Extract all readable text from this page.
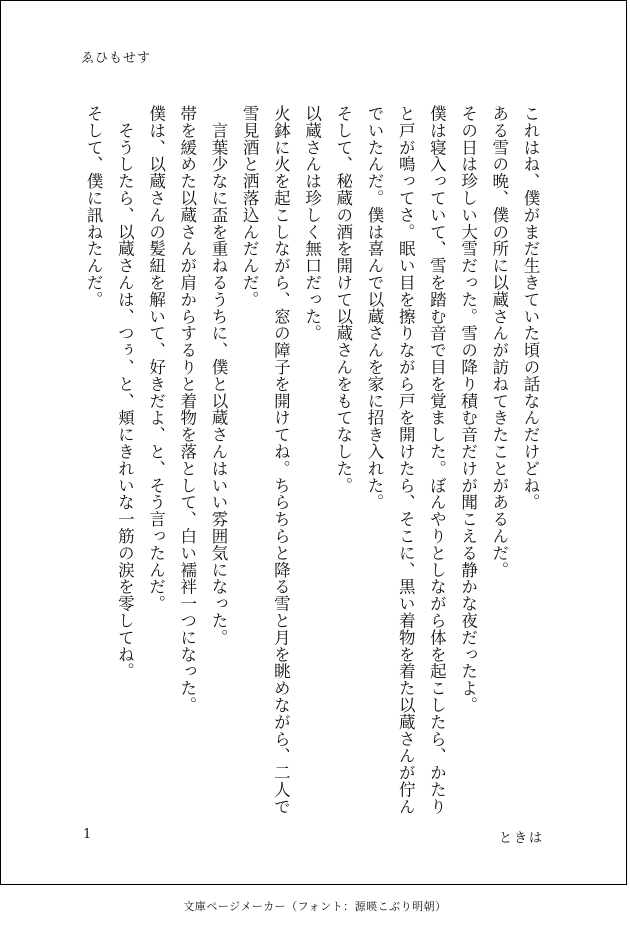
ゑひもせす

これはね、僕がまだ生きていた頃の話なんだけどね。

ある雪の晩、僕の所に以蔵さんが訪ねてきたことがあるんだ。

その日は珍しい大雪だった。雪の降り積む音だけが聞こえる静かな夜だったよ。

僕は寝入っていて、雪を踏む音で目を覚ました。ぼんやりとしながら体を起こしたら、かたりと戸が鳴ってさ。眠い目を擦りながら戸を開けたら、そこに、黒い着物を着た以蔵さんが佇んでいたんだ。僕は喜んで以蔵さんを家に招き入れた。

そして、秘蔵の酒を開けて以蔵さんをもてなした。

以蔵さんは珍しく無口だった。

火鉢に火を起こしながら、窓の障子を開けてね。ちらちらと降る雪と月を眺めながら、二人で雪見酒と洒落込んだんだ。

　言葉少なに盃を重ねるうちに、僕と以蔵さんはいい雰囲気になった。

帯を緩めた以蔵さんが肩からするりと着物を落として、白い襦袢一つになった。

僕は、以蔵さんの髪紐を解いて、好きだよ、と、そう言ったんだ。

　そうしたら、以蔵さんは、つぅ、と、頬にきれいな一筋の涙を零してね。

そして、僕に訊ねたんだ。

1	ときは
文庫ページメーカー（フォント：源暎こぶり明朝）
